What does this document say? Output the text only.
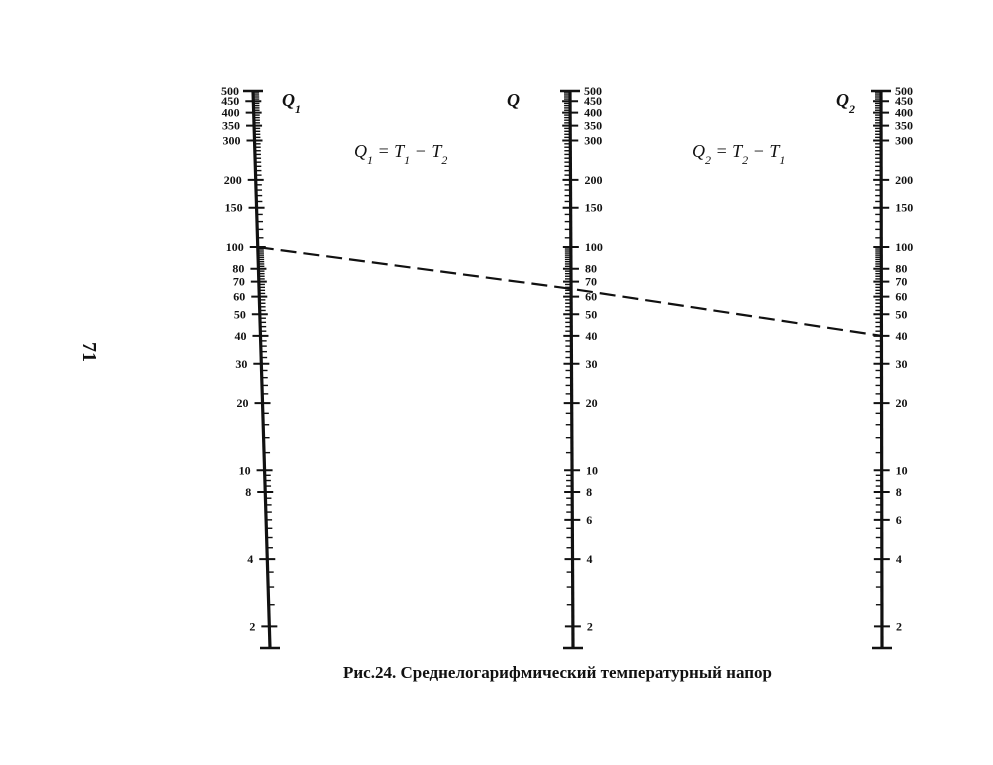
500
450
400
350
300
200
150
100
80
70
60
50
40
30
20
10
8
4
2
500
450
400
350
300
200
150
100
80
70
60
50
40
30
20
10
8
6
4
2
500
450
400
350
300
200
150
100
80
70
60
50
40
30
20
10
8
6
4
2
$Q_1$	Q	$Q_2$
$Q_1 = T_1 - T_2$	$Q_2 = T_2 - T_1$
71
Рис.24. Среднелогарифмический температурный напор
